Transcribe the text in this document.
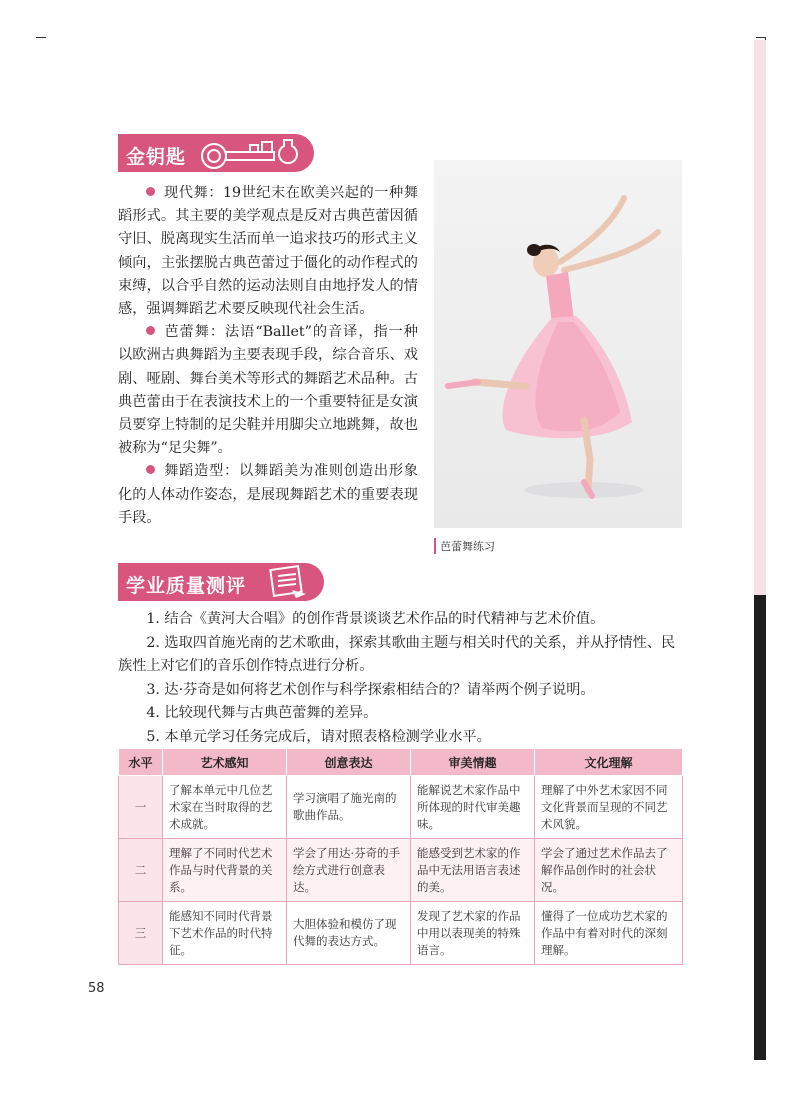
金钥匙

现代舞：19世纪末在欧美兴起的一种舞蹈形式。其主要的美学观点是反对古典芭蕾因循守旧、脱离现实生活而单一追求技巧的形式主义倾向，主张摆脱古典芭蕾过于僵化的动作程式的束缚，以合乎自然的运动法则自由地抒发人的情感，强调舞蹈艺术要反映现代社会生活。

芭蕾舞：法语“Ballet”的音译，指一种以欧洲古典舞蹈为主要表现手段，综合音乐、戏剧、哑剧、舞台美术等形式的舞蹈艺术品种。古典芭蕾由于在表演技术上的一个重要特征是女演员要穿上特制的足尖鞋并用脚尖立地跳舞，故也被称为“足尖舞”。

舞蹈造型：以舞蹈美为准则创造出形象化的人体动作姿态，是展现舞蹈艺术的重要表现手段。

芭蕾舞练习
学业质量测评

1. 结合《黄河大合唱》的创作背景谈谈艺术作品的时代精神与艺术价值。

2. 选取四首施光南的艺术歌曲，探索其歌曲主题与相关时代的关系，并从抒情性、民族性上对它们的音乐创作特点进行分析。

3. 达·芬奇是如何将艺术创作与科学探索相结合的？请举两个例子说明。

4. 比较现代舞与古典芭蕾舞的差异。

5. 本单元学习任务完成后，请对照表格检测学业水平。

水平	艺术感知	创意表达	审美情趣	文化理解
一	了解本单元中几位艺术家在当时取得的艺术成就。	学习演唱了施光南的歌曲作品。	能解说艺术家作品中所体现的时代审美趣味。	理解了中外艺术家因不同文化背景而呈现的不同艺术风貌。
二	理解了不同时代艺术作品与时代背景的关系。	学会了用达·芬奇的手绘方式进行创意表达。	能感受到艺术家的作品中无法用语言表述的美。	学会了通过艺术作品去了解作品创作时的社会状况。
三	能感知不同时代背景下艺术作品的时代特征。	大胆体验和模仿了现代舞的表达方式。	发现了艺术家的作品中用以表现美的特殊语言。	懂得了一位成功艺术家的作品中有着对时代的深刻理解。
58
